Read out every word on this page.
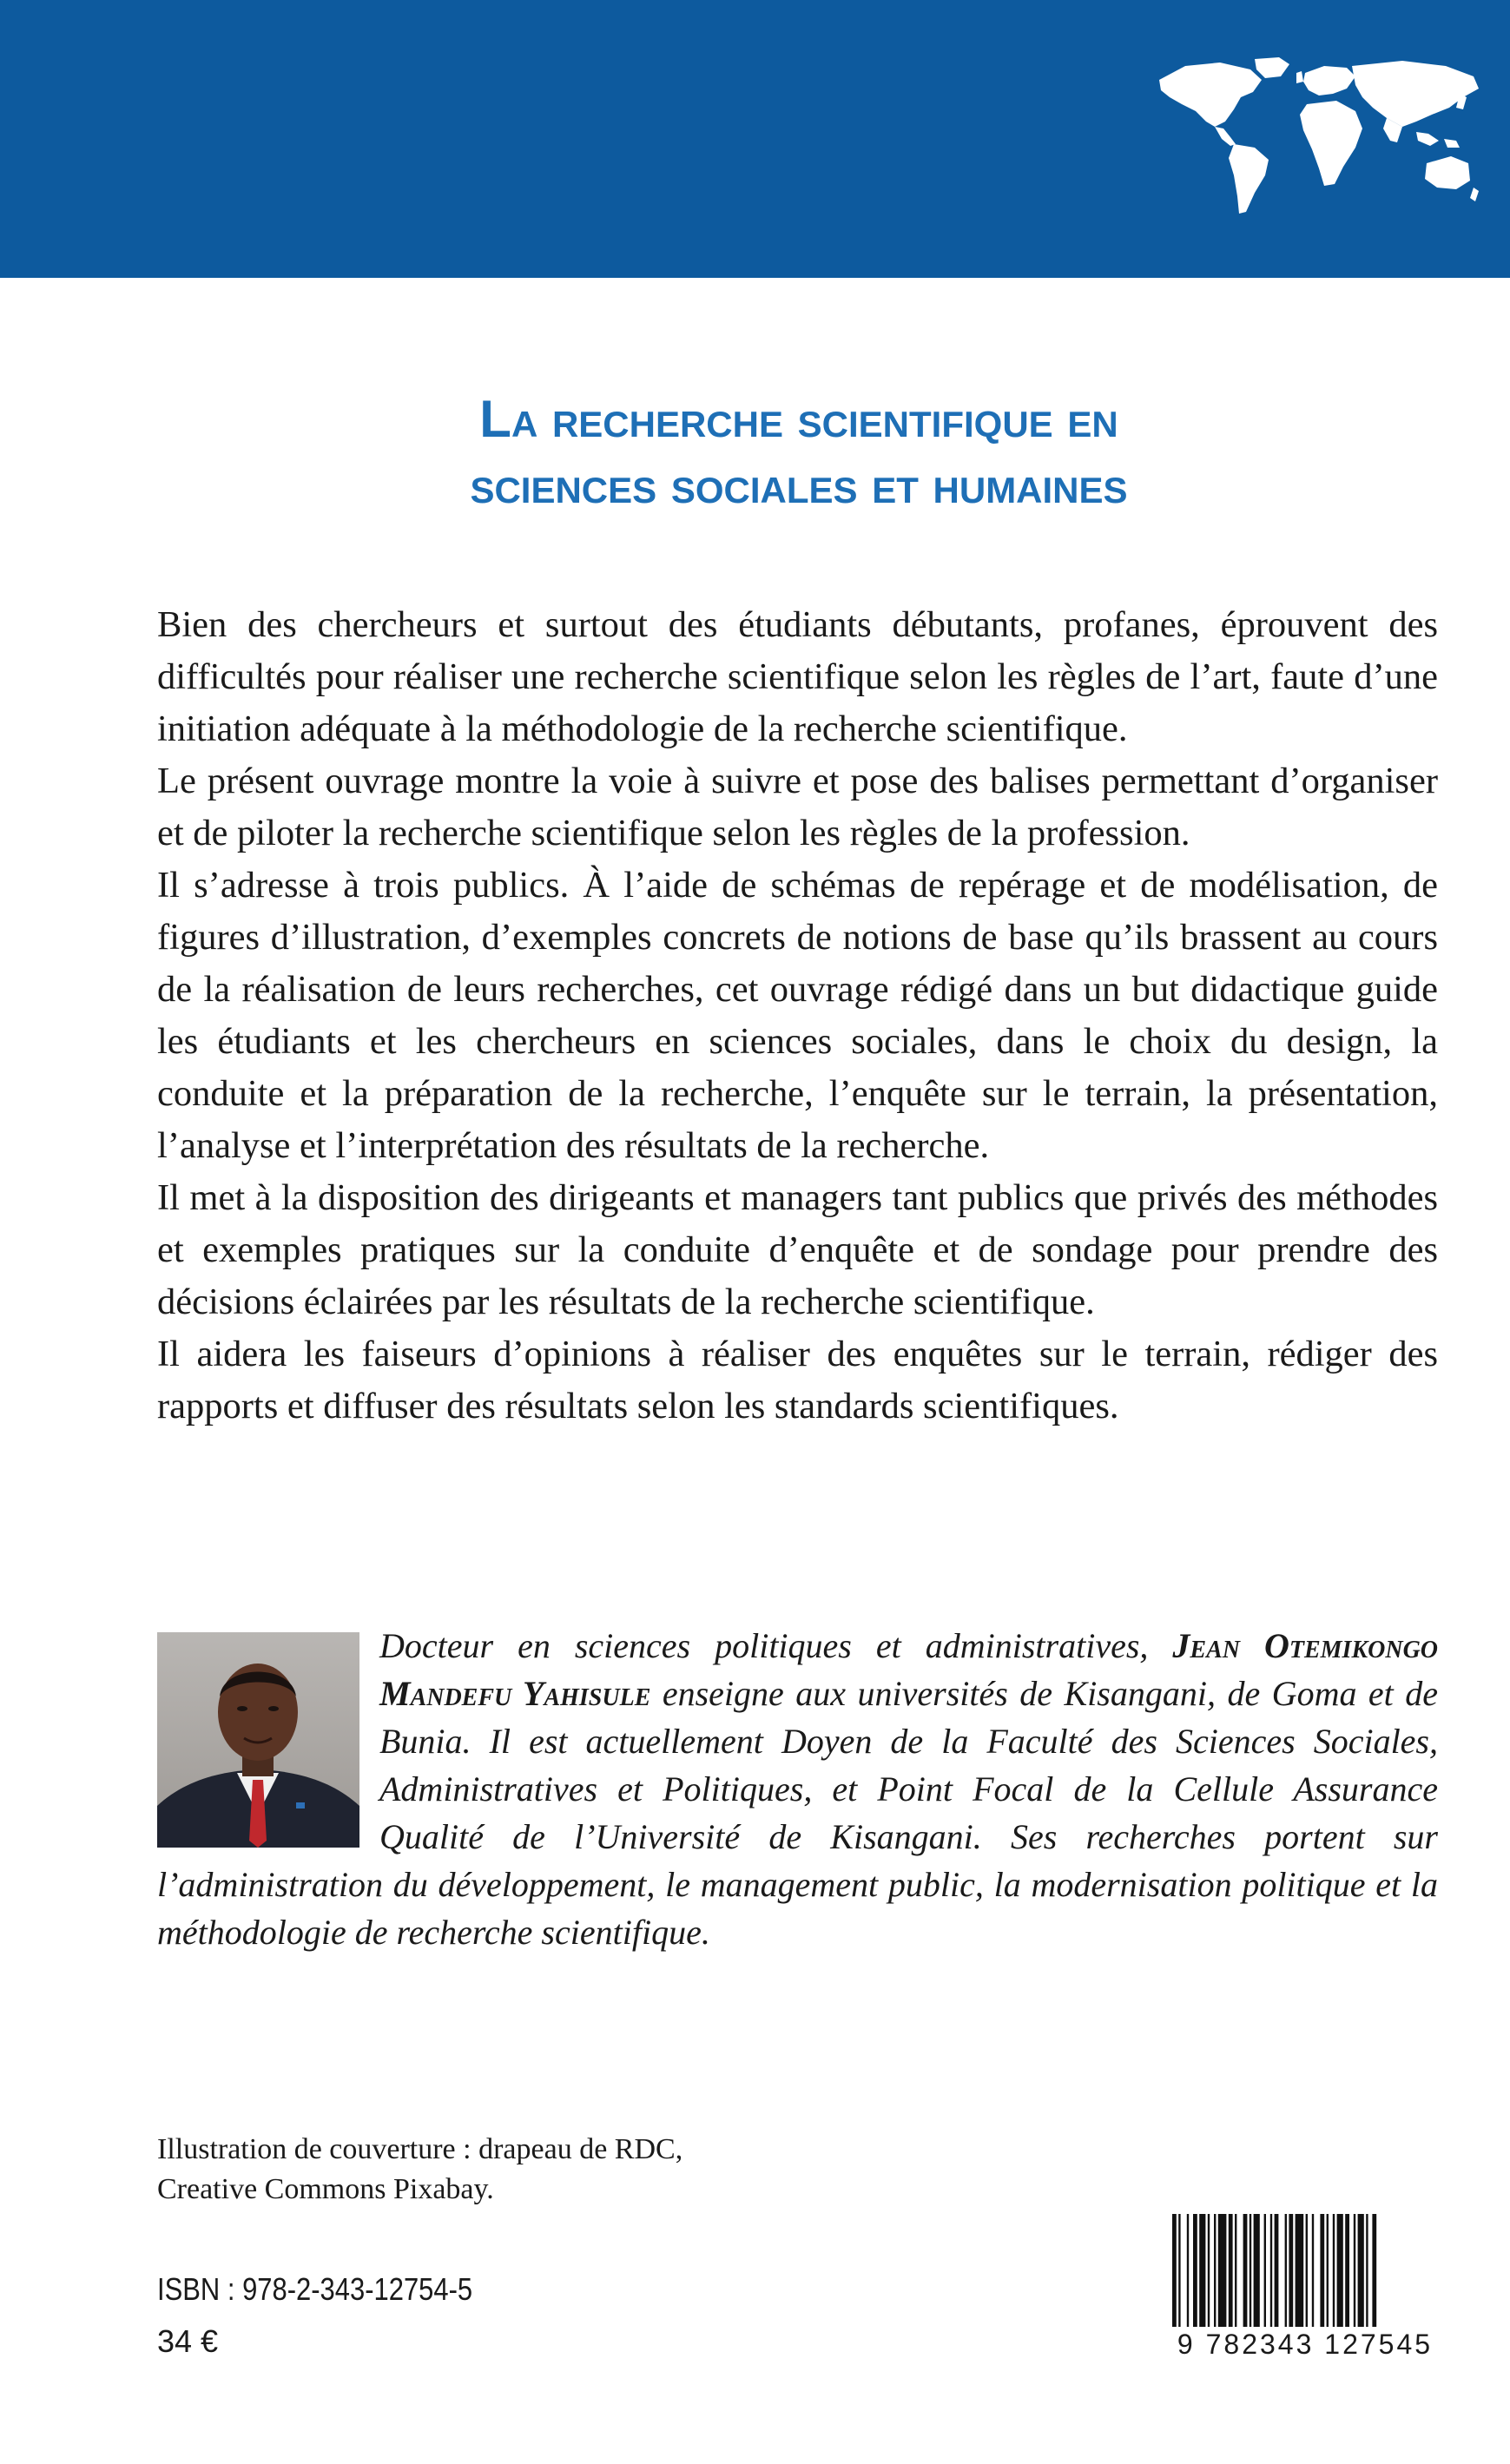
La recherche scientifique en
sciences sociales et humaines

Bien des chercheurs et surtout des étudiants débutants, profanes, éprouvent des difficultés pour réaliser une recherche scientifique selon les règles de l’art, faute d’une initiation adéquate à la méthodologie de la recherche scientifique.

Le présent ouvrage montre la voie à suivre et pose des balises permettant d’organiser et de piloter la recherche scientifique selon les règles de la profession.

Il s’adresse à trois publics. À l’aide de schémas de repérage et de modélisation, de figures d’illustration, d’exemples concrets de notions de base qu’ils brassent au cours de la réalisation de leurs recherches, cet ouvrage rédigé dans un but didactique guide les étudiants et les chercheurs en sciences sociales, dans le choix du design, la conduite et la préparation de la recherche, l’enquête sur le terrain, la présentation, l’analyse et l’interprétation des résultats de la recherche.

Il met à la disposition des dirigeants et managers tant publics que privés des méthodes et exemples pratiques sur la conduite d’enquête et de sondage pour prendre des décisions éclairées par les résultats de la recherche scientifique.

Il aidera les faiseurs d’opinions à réaliser des enquêtes sur le terrain, rédiger des rapports et diffuser des résultats selon les standards scientifiques.

Docteur en sciences politiques et administratives, Jean Otemikongo Mandefu Yahisule enseigne aux universités de Kisangani, de Goma et de Bunia. Il est actuellement Doyen de la Faculté des Sciences Sociales, Administratives et Politiques, et Point Focal de la Cellule Assurance Qualité de l’Université de Kisangani. Ses recherches portent sur l’administration du développement, le management public, la modernisation politique et la méthodologie de recherche scientifique.
Illustration de couverture : drapeau de RDC,
Creative Commons Pixabay.
ISBN : 978-2-343-12754-5
34 €	9 782343 127545
